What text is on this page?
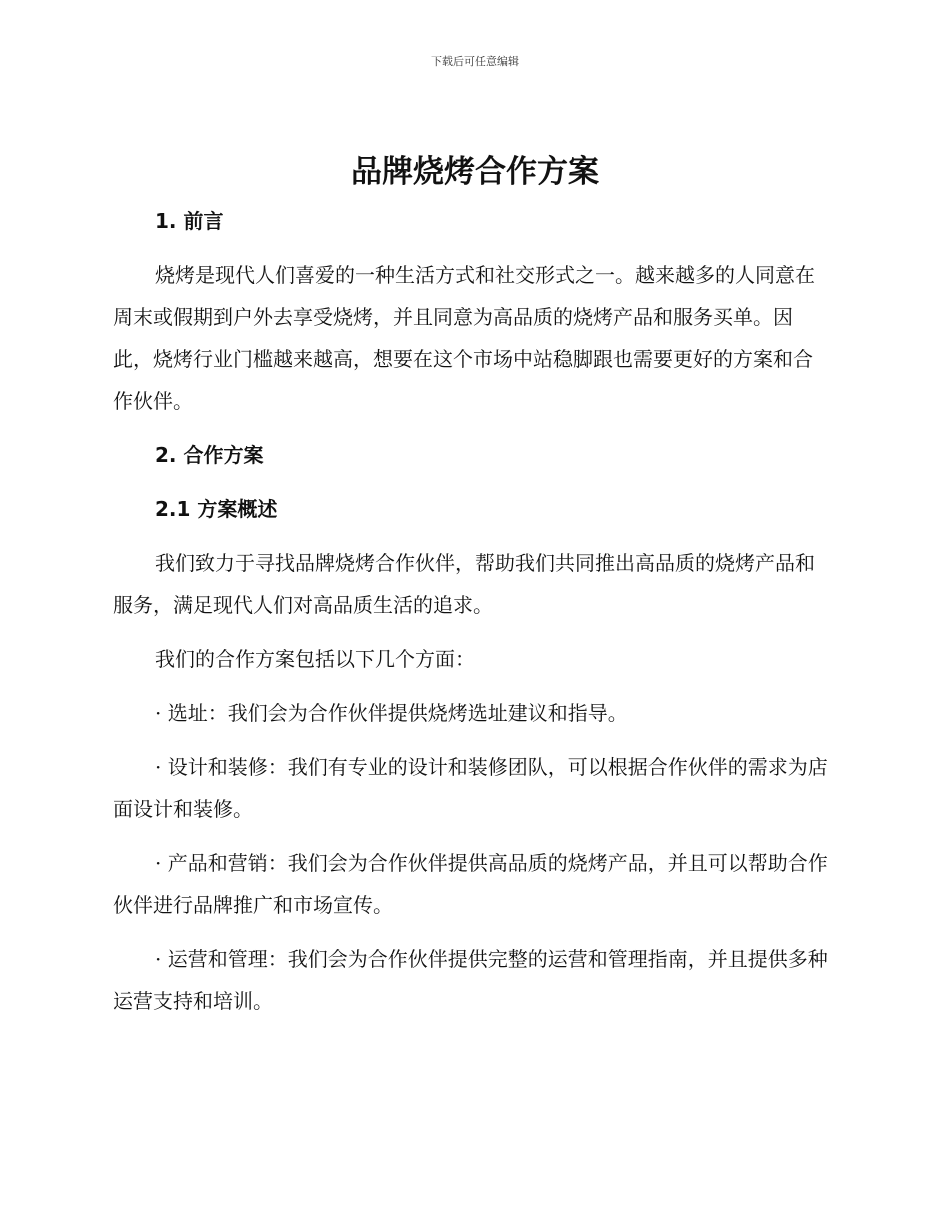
下载后可任意编辑
品牌烧烤合作方案
1. 前言

烧烤是现代人们喜爱的一种生活方式和社交形式之一。越来越多的人同意在周末或假期到户外去享受烧烤，并且同意为高品质的烧烤产品和服务买单。因此，烧烤行业门槛越来越高，想要在这个市场中站稳脚跟也需要更好的方案和合作伙伴。

2. 合作方案
2.1 方案概述

我们致力于寻找品牌烧烤合作伙伴，帮助我们共同推出高品质的烧烤产品和服务，满足现代人们对高品质生活的追求。

我们的合作方案包括以下几个方面：

· 选址：我们会为合作伙伴提供烧烤选址建议和指导。

· 设计和装修：我们有专业的设计和装修团队，可以根据合作伙伴的需求为店面设计和装修。

· 产品和营销：我们会为合作伙伴提供高品质的烧烤产品，并且可以帮助合作伙伴进行品牌推广和市场宣传。

· 运营和管理：我们会为合作伙伴提供完整的运营和管理指南，并且提供多种运营支持和培训。
